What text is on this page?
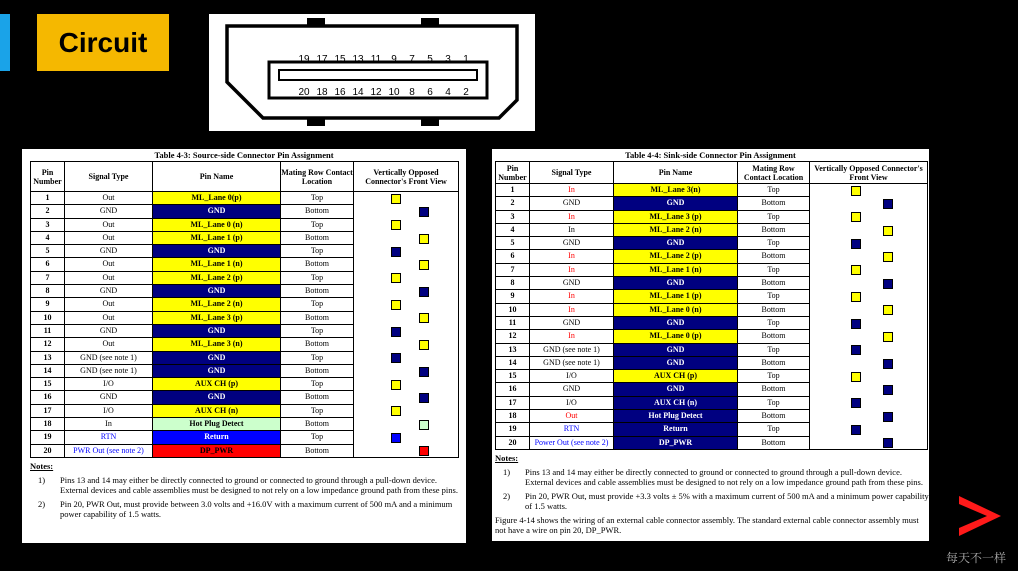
Circuit
19 17 15 13 11 9 7 5 3 1
20 18 16 14 12 10 8 6 4 2
Table 4-3: Source-side Connector Pin Assignment
Pin Number	Signal Type	Pin Name	Mating Row Contact Location	Vertically Opposed Connector's Front View
1	Out	ML_Lane 0(p)	Top	

2	GND	GND	Bottom	
3	Out	ML_Lane 0 (n)	Top	
4	Out	ML_Lane 1 (p)	Bottom	
5	GND	GND	Top	
6	Out	ML_Lane 1 (n)	Bottom	
7	Out	ML_Lane 2 (p)	Top	
8	GND	GND	Bottom	
9	Out	ML_Lane 2 (n)	Top	
10	Out	ML_Lane 3 (p)	Bottom	
11	GND	GND	Top	
12	Out	ML_Lane 3 (n)	Bottom	
13	GND (see note 1)	GND	Top	
14	GND (see note 1)	GND	Bottom	
15	I/O	AUX CH (p)	Top	
16	GND	GND	Bottom	
17	I/O	AUX CH (n)	Top	
18	In	Hot Plug Detect	Bottom	
19	RTN	Return	Top	
20	PWR Out (see note 2)	DP_PWR	Bottom	
Notes:
1)	Pins 13 and 14 may either be directly connected to ground or connected to ground through a pull-down device. External devices and cable assemblies must be designed to not rely on a low impedance ground path from these pins.
2)	Pin 20, PWR Out, must provide between 3.0 volts and +16.0V with a maximum current of 500 mA and a minimum power capability of 1.5 watts.
Table 4-4: Sink-side Connector Pin Assignment
Pin Number	Signal Type	Pin Name	Mating Row Contact Location	Vertically Opposed Connector's Front View
1	In	ML_Lane 3(n)	Top	

2	GND	GND	Bottom	
3	In	ML_Lane 3 (p)	Top	
4	In	ML_Lane 2 (n)	Bottom	
5	GND	GND	Top	
6	In	ML_Lane 2 (p)	Bottom	
7	In	ML_Lane 1 (n)	Top	
8	GND	GND	Bottom	
9	In	ML_Lane 1 (p)	Top	
10	In	ML_Lane 0 (n)	Bottom	
11	GND	GND	Top	
12	In	ML_Lane 0 (p)	Bottom	
13	GND (see note 1)	GND	Top	
14	GND (see note 1)	GND	Bottom	
15	I/O	AUX CH (p)	Top	
16	GND	GND	Bottom	
17	I/O	AUX CH (n)	Top	
18	Out	Hot Plug Detect	Bottom	
19	RTN	Return	Top	
20	Power Out (see note 2)	DP_PWR	Bottom	
Notes:
1)	Pins 13 and 14 may either be directly connected to ground or connected to ground through a pull-down device. External devices and cable assemblies must be designed to not rely on a low impedance ground path from these pins.
2)	Pin 20, PWR Out, must provide +3.3 volts ± 5% with a maximum current of 500 mA and a minimum power capability of 1.5 watts.
Figure 4-14 shows the wiring of an external cable connector assembly. The standard external cable connector assembly must not have a wire on pin 20, DP_PWR.
每天不一样
